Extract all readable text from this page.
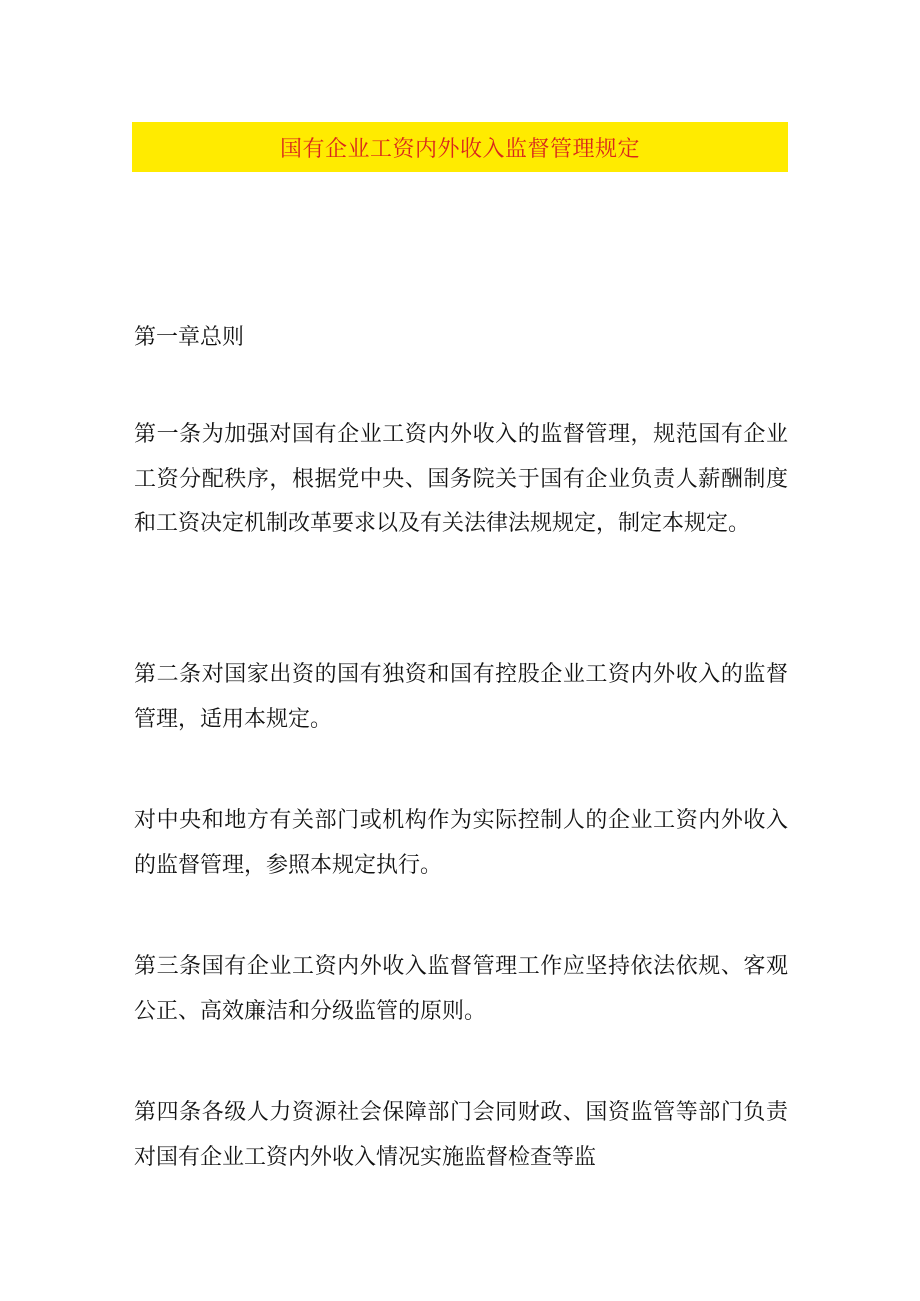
国有企业工资内外收入监督管理规定
第一章总则

第一条为加强对国有企业工资内外收入的监督管理，规范国有企业工资分配秩序，根据党中央、国务院关于国有企业负责人薪酬制度和工资决定机制改革要求以及有关法律法规规定，制定本规定。

第二条对国家出资的国有独资和国有控股企业工资内外收入的监督管理，适用本规定。

对中央和地方有关部门或机构作为实际控制人的企业工资内外收入的监督管理，参照本规定执行。

第三条国有企业工资内外收入监督管理工作应坚持依法依规、客观公正、高效廉洁和分级监管的原则。

第四条各级人力资源社会保障部门会同财政、国资监管等部门负责对国有企业工资内外收入情况实施监督检查等监
